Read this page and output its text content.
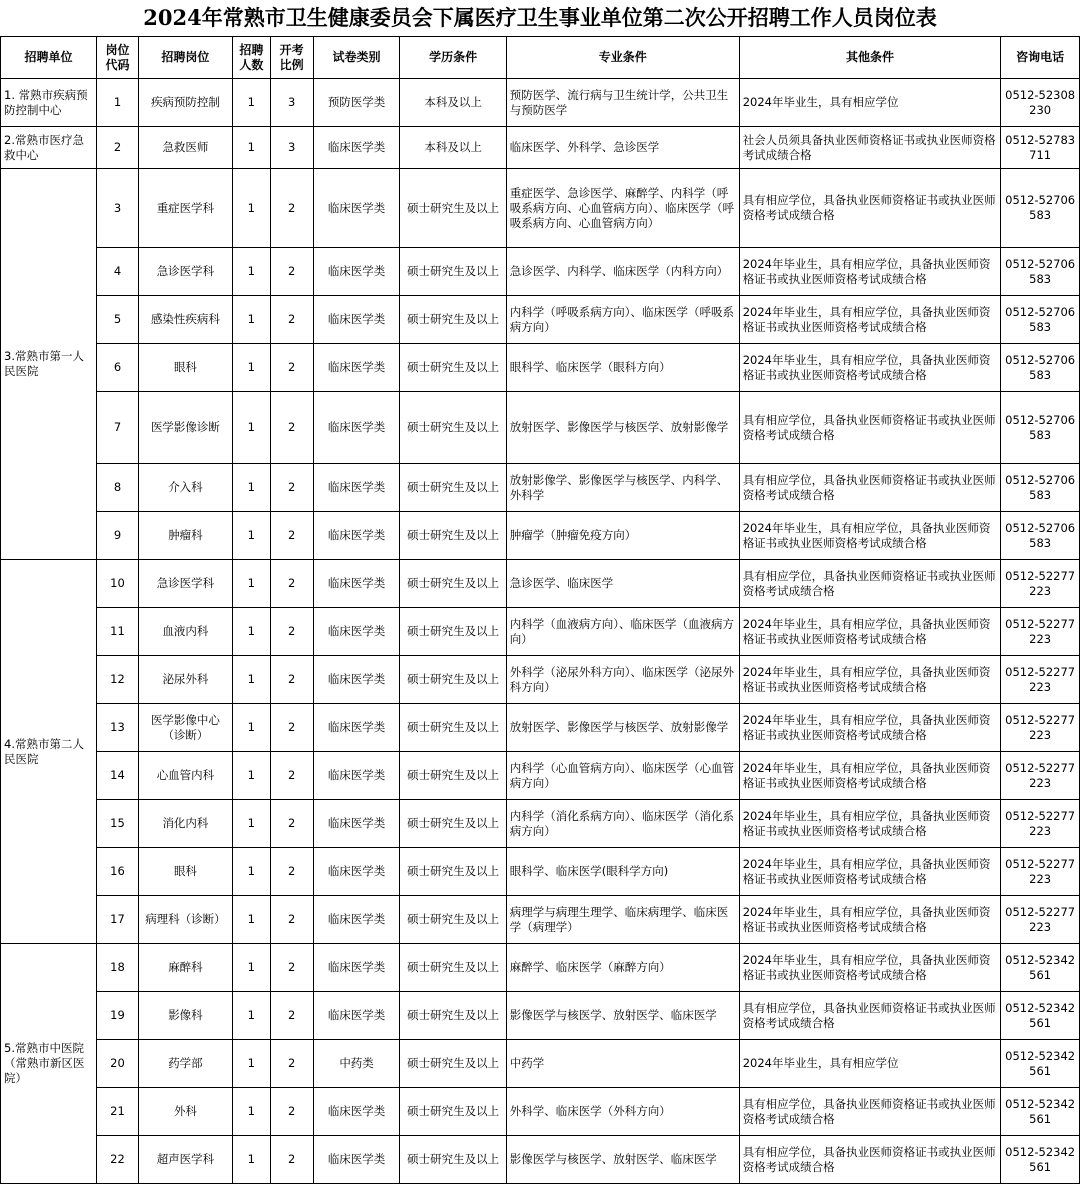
2024年常熟市卫生健康委员会下属医疗卫生事业单位第二次公开招聘工作人员岗位表
招聘单位	岗位代码	招聘岗位	招聘人数	开考比例	试卷类别	学历条件	专业条件	其他条件	咨询电话
1. 常熟市疾病预防控制中心	1	疾病预防控制	1	3	预防医学类	本科及以上	预防医学、流行病与卫生统计学，公共卫生与预防医学	2024年毕业生，具有相应学位	0512-52308230
2.常熟市医疗急救中心	2	急救医师	1	3	临床医学类	本科及以上	临床医学、外科学、急诊医学	社会人员须具备执业医师资格证书或执业医师资格考试成绩合格	0512-52783711
3.常熟市第一人民医院	3	重症医学科	1	2	临床医学类	硕士研究生及以上	重症医学、急诊医学、麻醉学、内科学（呼吸系病方向、心血管病方向）、临床医学（呼吸系病方向、心血管病方向）	具有相应学位，具备执业医师资格证书或执业医师资格考试成绩合格	0512-52706583
	4	急诊医学科	1	2	临床医学类	硕士研究生及以上	急诊医学、内科学、临床医学（内科方向）	2024年毕业生，具有相应学位，具备执业医师资格证书或执业医师资格考试成绩合格	0512-52706583
	5	感染性疾病科	1	2	临床医学类	硕士研究生及以上	内科学（呼吸系病方向）、临床医学（呼吸系病方向）	2024年毕业生，具有相应学位，具备执业医师资格证书或执业医师资格考试成绩合格	0512-52706583
	6	眼科	1	2	临床医学类	硕士研究生及以上	眼科学、临床医学（眼科方向）	2024年毕业生，具有相应学位，具备执业医师资格证书或执业医师资格考试成绩合格	0512-52706583
	7	医学影像诊断	1	2	临床医学类	硕士研究生及以上	放射医学、影像医学与核医学、放射影像学	具有相应学位，具备执业医师资格证书或执业医师资格考试成绩合格	0512-52706583
	8	介入科	1	2	临床医学类	硕士研究生及以上	放射影像学、影像医学与核医学、内科学、外科学	具有相应学位，具备执业医师资格证书或执业医师资格考试成绩合格	0512-52706583
	9	肿瘤科	1	2	临床医学类	硕士研究生及以上	肿瘤学（肿瘤免疫方向）	2024年毕业生，具有相应学位，具备执业医师资格证书或执业医师资格考试成绩合格	0512-52706583
4.常熟市第二人民医院	10	急诊医学科	1	2	临床医学类	硕士研究生及以上	急诊医学、临床医学	具有相应学位，具备执业医师资格证书或执业医师资格考试成绩合格	0512-52277223
	11	血液内科	1	2	临床医学类	硕士研究生及以上	内科学（血液病方向）、临床医学（血液病方向）	2024年毕业生，具有相应学位，具备执业医师资格证书或执业医师资格考试成绩合格	0512-52277223
	12	泌尿外科	1	2	临床医学类	硕士研究生及以上	外科学（泌尿外科方向）、临床医学（泌尿外科方向）	2024年毕业生，具有相应学位，具备执业医师资格证书或执业医师资格考试成绩合格	0512-52277223
	13	医学影像中心（诊断）	1	2	临床医学类	硕士研究生及以上	放射医学、影像医学与核医学、放射影像学	2024年毕业生，具有相应学位，具备执业医师资格证书或执业医师资格考试成绩合格	0512-52277223
	14	心血管内科	1	2	临床医学类	硕士研究生及以上	内科学（心血管病方向）、临床医学（心血管病方向）	2024年毕业生，具有相应学位，具备执业医师资格证书或执业医师资格考试成绩合格	0512-52277223
	15	消化内科	1	2	临床医学类	硕士研究生及以上	内科学（消化系病方向）、临床医学（消化系病方向）	2024年毕业生，具有相应学位，具备执业医师资格证书或执业医师资格考试成绩合格	0512-52277223
	16	眼科	1	2	临床医学类	硕士研究生及以上	眼科学、临床医学(眼科学方向)	2024年毕业生，具有相应学位，具备执业医师资格证书或执业医师资格考试成绩合格	0512-52277223
	17	病理科（诊断）	1	2	临床医学类	硕士研究生及以上	病理学与病理生理学、临床病理学、临床医学（病理学）	2024年毕业生，具有相应学位，具备执业医师资格证书或执业医师资格考试成绩合格	0512-52277223
5.常熟市中医院（常熟市新区医院）	18	麻醉科	1	2	临床医学类	硕士研究生及以上	麻醉学、临床医学（麻醉方向）	2024年毕业生，具有相应学位，具备执业医师资格证书或执业医师资格考试成绩合格	0512-52342561
	19	影像科	1	2	临床医学类	硕士研究生及以上	影像医学与核医学、放射医学、临床医学	具有相应学位，具备执业医师资格证书或执业医师资格考试成绩合格	0512-52342561
	20	药学部	1	2	中药类	硕士研究生及以上	中药学	2024年毕业生，具有相应学位	0512-52342561
	21	外科	1	2	临床医学类	硕士研究生及以上	外科学、临床医学（外科方向）	具有相应学位，具备执业医师资格证书或执业医师资格考试成绩合格	0512-52342561
	22	超声医学科	1	2	临床医学类	硕士研究生及以上	影像医学与核医学、放射医学、临床医学	具有相应学位，具备执业医师资格证书或执业医师资格考试成绩合格	0512-52342561
